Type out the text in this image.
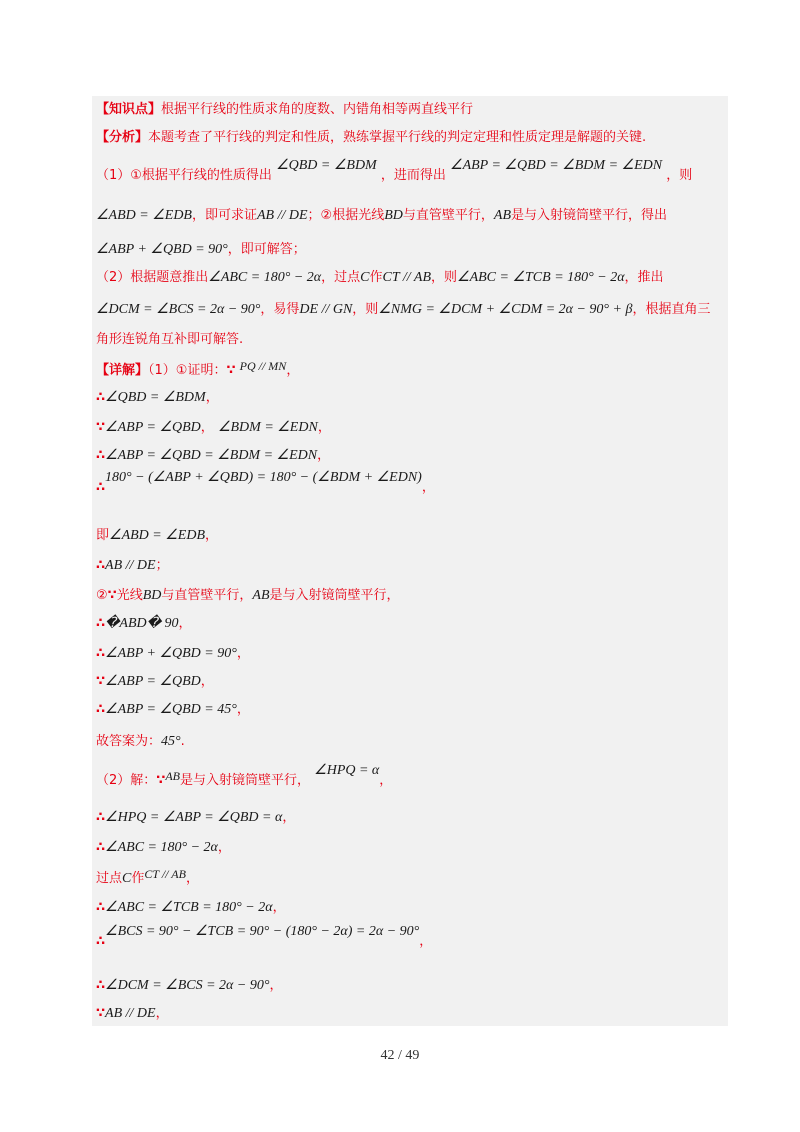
【知识点】根据平行线的性质求角的度数、内错角相等两直线平行
【分析】本题考查了平行线的判定和性质，熟练掌握平行线的判定定理和性质定理是解题的关键.
（1）①根据平行线的性质得出 ∠QBD = ∠BDM ，进而得出 ∠ABP = ∠QBD = ∠BDM = ∠EDN ，则
∠ABD = ∠EDB，即可求证AB // DE；②根据光线BD与直管壁平行，AB是与入射镜筒壁平行，得出
∠ABP + ∠QBD = 90°，即可解答；
（2）根据题意推出∠ABC = 180° − 2α，过点C作CT // AB，则∠ABC = ∠TCB = 180° − 2α，推出
∠DCM = ∠BCS = 2α − 90°，易得DE // GN，则∠NMG = ∠DCM + ∠CDM = 2α − 90° + β，根据直角三
角形连锐角互补即可解答.
【详解】（1）①证明：∵ PQ // MN，
∴∠QBD = ∠BDM，
∵∠ABP = ∠QBD， ∠BDM = ∠EDN，
∴∠ABP = ∠QBD = ∠BDM = ∠EDN，
∴180° − (∠ABP + ∠QBD) = 180° − (∠BDM + ∠EDN)，
即∠ABD = ∠EDB，
∴AB // DE；
②∵光线BD与直管壁平行，AB是与入射镜筒壁平行，
∴�ABD� 90，
∴∠ABP + ∠QBD = 90°，
∵∠ABP = ∠QBD，
∴∠ABP = ∠QBD = 45°，
故答案为：45°.
（2）解：∵AB是与入射镜筒壁平行， ∠HPQ = α，
∴∠HPQ = ∠ABP = ∠QBD = α，
∴∠ABC = 180° − 2α，
过点C作CT // AB，
∴∠ABC = ∠TCB = 180° − 2α，
∴∠BCS = 90° − ∠TCB = 90° − (180° − 2α) = 2α − 90°，
∴∠DCM = ∠BCS = 2α − 90°，
∵AB // DE，
42 / 49
